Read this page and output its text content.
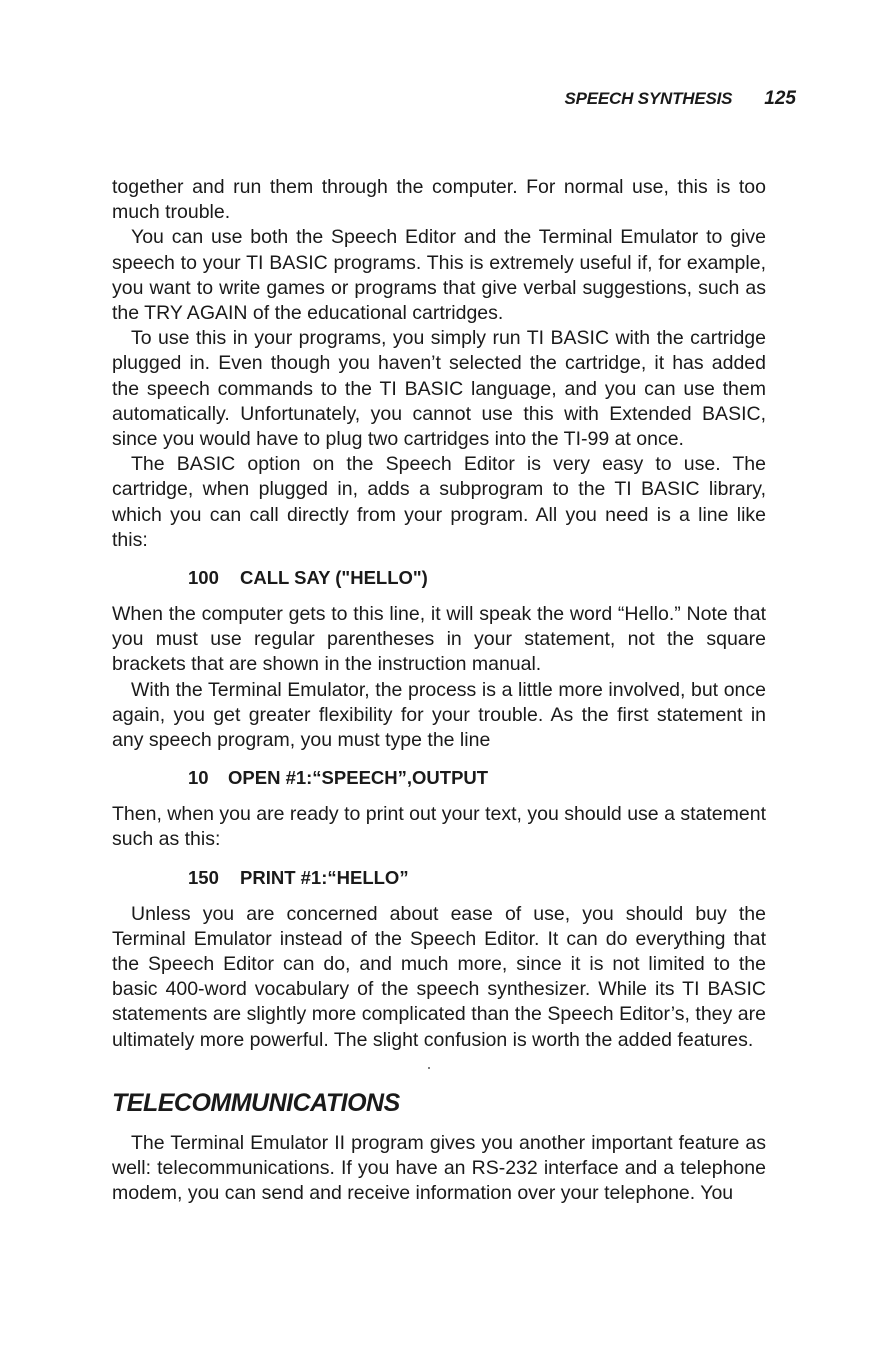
SPEECH SYNTHESIS 125

together and run them through the computer. For normal use, this is too much trouble.

You can use both the Speech Editor and the Terminal Emulator to give speech to your TI BASIC programs. This is extremely useful if, for example, you want to write games or programs that give verbal suggestions, such as the TRY AGAIN of the educational cartridges.

To use this in your programs, you simply run TI BASIC with the cartridge plugged in. Even though you haven’t selected the cartridge, it has added the speech commands to the TI BASIC language, and you can use them automatically. Unfortunately, you cannot use this with Extended BASIC, since you would have to plug two cartridges into the TI-99 at once.

The BASIC option on the Speech Editor is very easy to use. The cartridge, when plugged in, adds a subprogram to the TI BASIC library, which you can call directly from your program. All you need is a line like this:

100 CALL SAY ("HELLO")

When the computer gets to this line, it will speak the word “Hello.” Note that you must use regular parentheses in your statement, not the square brackets that are shown in the instruction manual.

With the Terminal Emulator, the process is a little more involved, but once again, you get greater flexibility for your trouble. As the first statement in any speech program, you must type the line

10 OPEN #1:“SPEECH”,OUTPUT

Then, when you are ready to print out your text, you should use a statement such as this:

150 PRINT #1:“HELLO”

Unless you are concerned about ease of use, you should buy the Terminal Emulator instead of the Speech Editor. It can do everything that the Speech Editor can do, and much more, since it is not limited to the basic 400-word vocabulary of the speech synthesizer. While its TI BASIC statements are slightly more complicated than the Speech Editor’s, they are ultimately more powerful. The slight confusion is worth the added features.

TELECOMMUNICATIONS

The Terminal Emulator II program gives you another important feature as well: telecommunications. If you have an RS-232 interface and a telephone modem, you can send and receive information over your telephone. You
